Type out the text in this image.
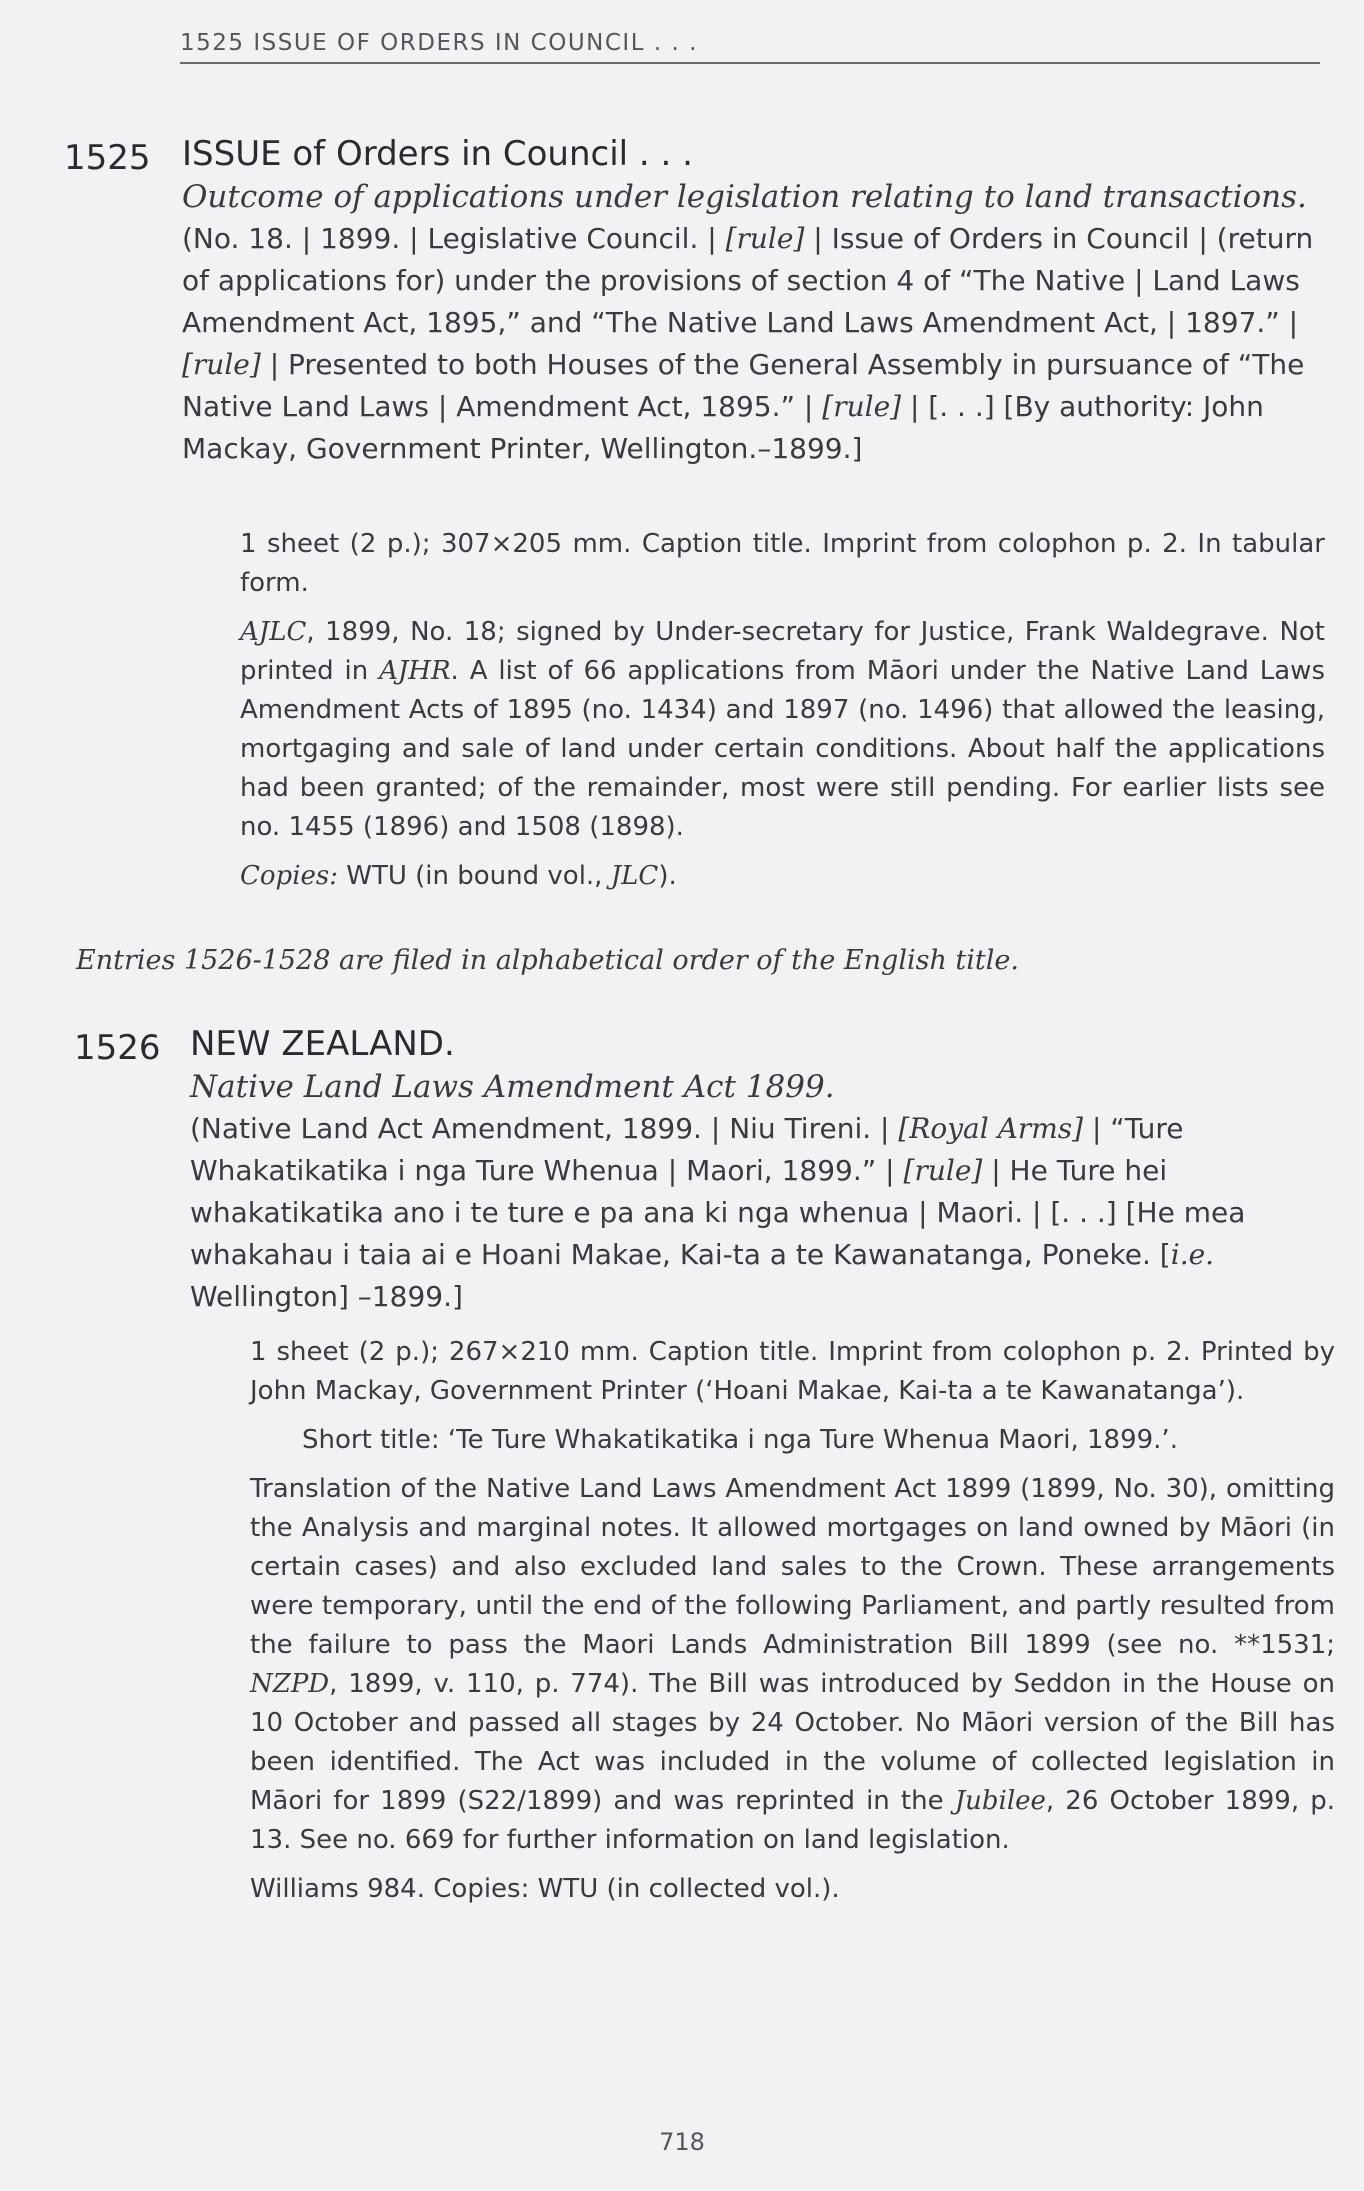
1525 ISSUE OF ORDERS IN COUNCIL . . .
1525 ISSUE of Orders in Council . . .
Outcome of applications under legislation relating to land transactions.
(No. 18. | 1899. | Legislative Council. | [rule] | Issue of Orders in Council | (return of applications for) under the provisions of section 4 of “The Native | Land Laws Amendment Act, 1895,” and “The Native Land Laws Amendment Act, | 1897.” | [rule] | Presented to both Houses of the General Assembly in pursuance of “The Native Land Laws | Amendment Act, 1895.” | [rule] | [. . .] [By authority: John Mackay, Government Printer, Wellington.–1899.]

1 sheet (2 p.); 307×205 mm. Caption title. Imprint from colophon p. 2. In tabular form.

AJLC, 1899, No. 18; signed by Under-secretary for Justice, Frank Waldegrave. Not printed in AJHR. A list of 66 applications from Māori under the Native Land Laws Amendment Acts of 1895 (no. 1434) and 1897 (no. 1496) that allowed the leasing, mortgaging and sale of land under certain conditions. About half the applications had been granted; of the remainder, most were still pending. For earlier lists see no. 1455 (1896) and 1508 (1898).

Copies: WTU (in bound vol., JLC).

Entries 1526-1528 are filed in alphabetical order of the English title.
1526 NEW ZEALAND.
Native Land Laws Amendment Act 1899.
(Native Land Act Amendment, 1899. | Niu Tireni. | [Royal Arms] | “Ture Whakatikatika i nga Ture Whenua | Maori, 1899.” | [rule] | He Ture hei whakatikatika ano i te ture e pa ana ki nga whenua | Maori. | [. . .] [He mea whakahau i taia ai e Hoani Makae, Kai-ta a te Kawanatanga, Poneke. [i.e. Wellington] –1899.]

1 sheet (2 p.); 267×210 mm. Caption title. Imprint from colophon p. 2. Printed by John Mackay, Government Printer (‘Hoani Makae, Kai-ta a te Kawanatanga’).

Short title: ‘Te Ture Whakatikatika i nga Ture Whenua Maori, 1899.’.

Translation of the Native Land Laws Amendment Act 1899 (1899, No. 30), omitting the Analysis and marginal notes. It allowed mortgages on land owned by Māori (in certain cases) and also excluded land sales to the Crown. These arrangements were temporary, until the end of the following Parliament, and partly resulted from the failure to pass the Maori Lands Administration Bill 1899 (see no. **1531; NZPD, 1899, v. 110, p. 774). The Bill was introduced by Seddon in the House on 10 October and passed all stages by 24 October. No Māori version of the Bill has been identified. The Act was included in the volume of collected legislation in Māori for 1899 (S22/1899) and was reprinted in the Jubilee, 26 October 1899, p. 13. See no. 669 for further information on land legislation.

Williams 984. Copies: WTU (in collected vol.).

718
